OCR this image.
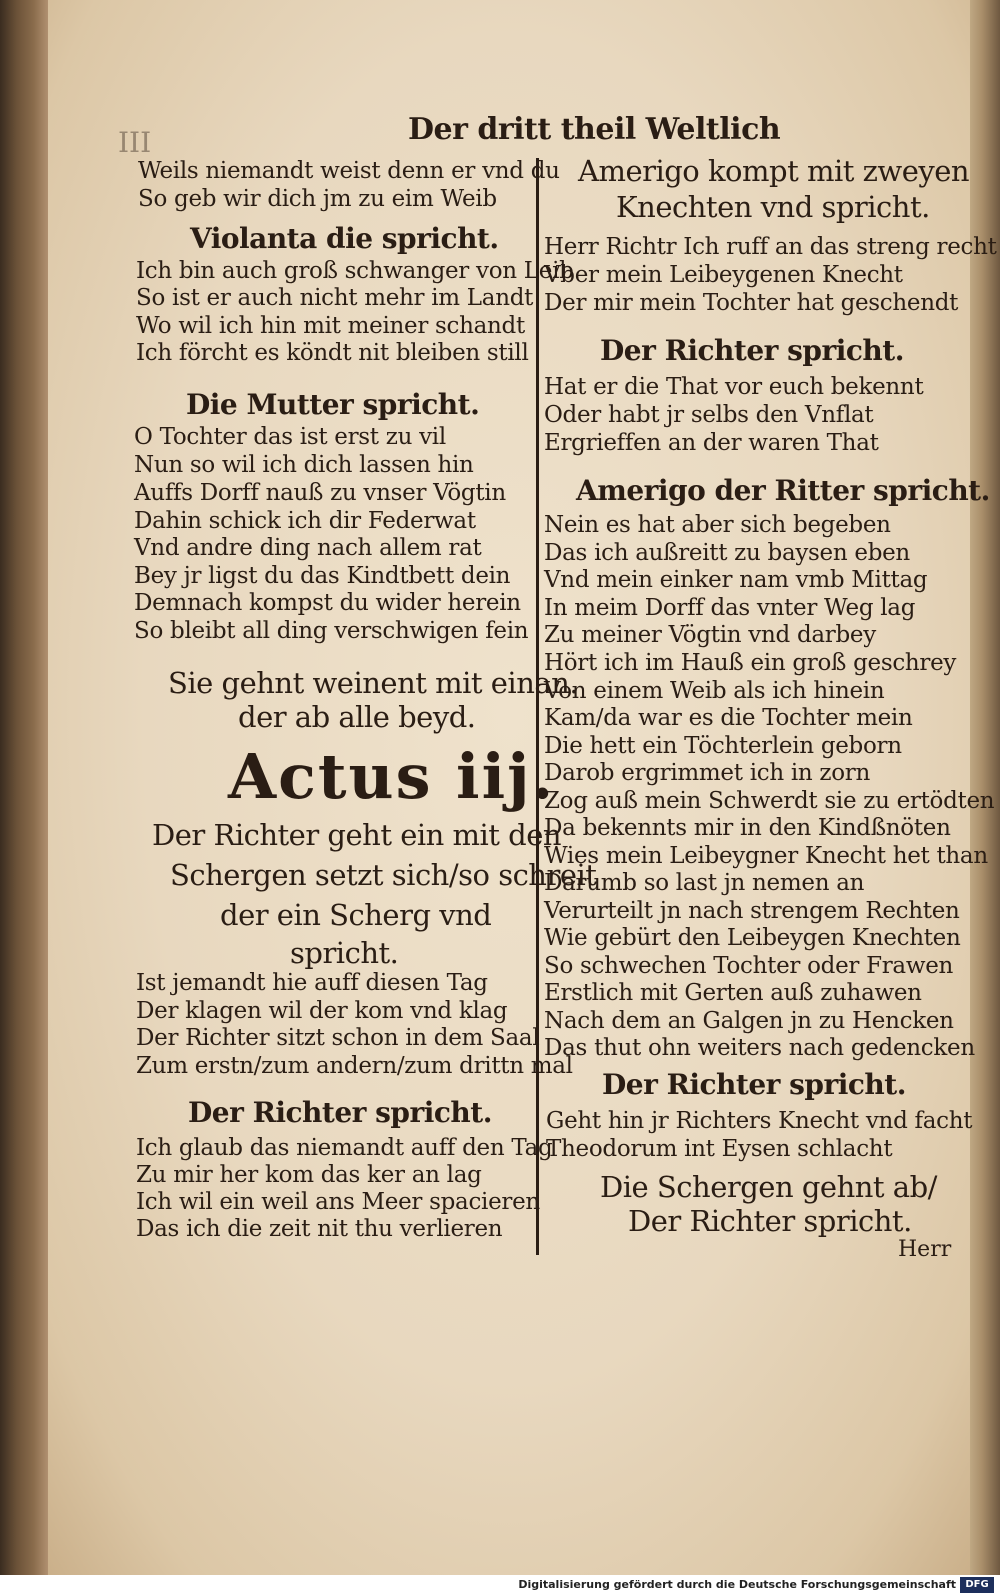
III	Der dritt theil Weltlich
Weils niemandt weist denn er vnd du
So geb wir dich jm zu eim Weib
Violanta die spricht.
Ich bin auch groß schwanger von Leib
So ist er auch nicht mehr im Landt
Wo wil ich hin mit meiner schandt
Ich förcht es köndt nit bleiben still
Die Mutter spricht.
O Tochter das ist erst zu vil
Nun so wil ich dich lassen hin
Auffs Dorff nauß zu vnser Vögtin
Dahin schick ich dir Federwat
Vnd andre ding nach allem rat
Bey jr ligst du das Kindtbett dein
Demnach kompst du wider herein
So bleibt all ding verschwigen fein
Sie gehnt weinent mit einan.
der ab alle beyd.
Actus iij.
Der Richter geht ein mit den
Schergen setzt sich/so schreit
der ein Scherg vnd
spricht.
Ist jemandt hie auff diesen Tag
Der klagen wil der kom vnd klag
Der Richter sitzt schon in dem Saal
Zum erstn/zum andern/zum drittn mal
Der Richter spricht.
Ich glaub das niemandt auff den Tag
Zu mir her kom das ker an lag
Ich wil ein weil ans Meer spacieren
Das ich die zeit nit thu verlieren
Amerigo kompt mit zweyen
Knechten vnd spricht.
Herr Richtr Ich ruff an das streng recht
Vber mein Leibeygenen Knecht
Der mir mein Tochter hat geschendt
Der Richter spricht.
Hat er die That vor euch bekennt
Oder habt jr selbs den Vnflat
Ergrieffen an der waren That
Amerigo der Ritter spricht.
Nein es hat aber sich begeben
Das ich außreitt zu baysen eben
Vnd mein einker nam vmb Mittag
In meim Dorff das vnter Weg lag
Zu meiner Vögtin vnd darbey
Hört ich im Hauß ein groß geschrey
Von einem Weib als ich hinein
Kam/da war es die Tochter mein
Die hett ein Töchterlein geborn
Darob ergrimmet ich in zorn
Zog auß mein Schwerdt sie zu ertödten
Da bekennts mir in den Kindßnöten
Wies mein Leibeygner Knecht het than
Darumb so last jn nemen an
Verurteilt jn nach strengem Rechten
Wie gebürt den Leibeygen Knechten
So schwechen Tochter oder Frawen
Erstlich mit Gerten auß zuhawen
Nach dem an Galgen jn zu Hencken
Das thut ohn weiters nach gedencken
Der Richter spricht.
Geht hin jr Richters Knecht vnd facht
Theodorum int Eysen schlacht
Die Schergen gehnt ab/
Der Richter spricht.
Herr
Digitalisierung gefördert durch die Deutsche Forschungsgemeinschaft DFG
